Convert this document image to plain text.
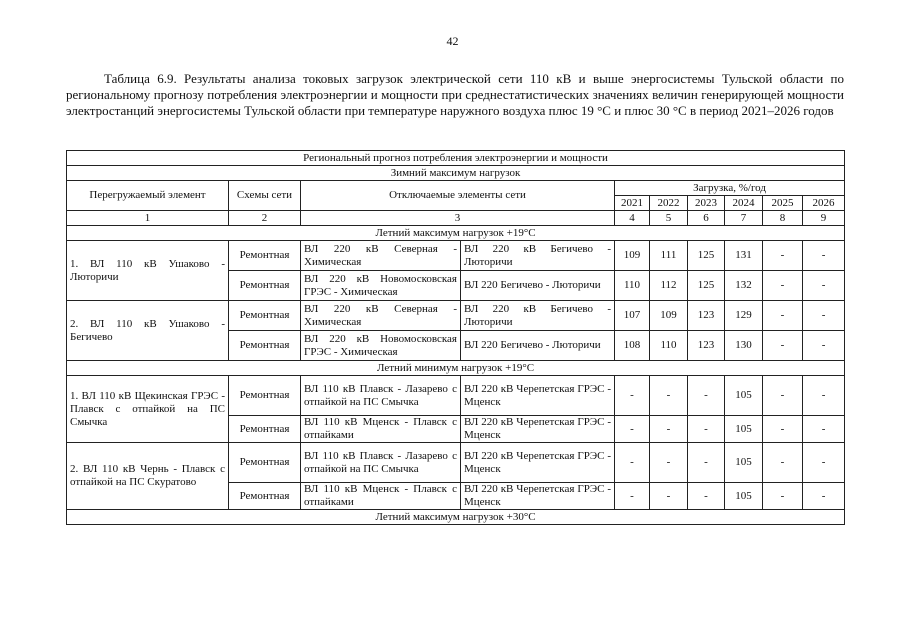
42

Таблица 6.9. Результаты анализа токовых загрузок электрической сети 110 кВ и выше энергосистемы Тульской области по региональному прогнозу потребления электроэнергии и мощности при среднестатистических значениях величин генерирующей мощности электростанций энергосистемы Тульской области при температуре наружного воздуха плюс 19 °С и плюс 30 °С в период 2021–2026 годов

Региональный прогноз потребления электроэнергии и мощности									
Зимний максимум нагрузок									
Перегружаемый элемент	Схемы сети	Отключаемые элементы сети		Загрузка, %/год					
				2021	2022	2023	2024	2025	2026
1	2	3		4	5	6	7	8	9
Летний максимум нагрузок +19°С									
1. ВЛ 110 кВ Ушаково - Люторичи	Ремонтная	ВЛ 220 кВ Северная - Химическая	ВЛ 220 кВ Бегичево - Люторичи	109	111	125	131	-	-
	Ремонтная	ВЛ 220 кВ Новомосковская ГРЭС - Химическая	ВЛ 220 Бегичево - Люторичи	110	112	125	132	-	-
2. ВЛ 110 кВ Ушаково - Бегичево	Ремонтная	ВЛ 220 кВ Северная - Химическая	ВЛ 220 кВ Бегичево - Люторичи	107	109	123	129	-	-
	Ремонтная	ВЛ 220 кВ Новомосковская ГРЭС - Химическая	ВЛ 220 Бегичево - Люторичи	108	110	123	130	-	-
Летний минимум нагрузок +19°С									
1. ВЛ 110 кВ Щекинская ГРЭС - Плавск с отпайкой на ПС Смычка	Ремонтная	ВЛ 110 кВ Плавск - Лазарево с отпайкой на ПС Смычка	ВЛ 220 кВ Черепетская ГРЭС - Мценск	-	-	-	105	-	-
	Ремонтная	ВЛ 110 кВ Мценск - Плавск с отпайками	ВЛ 220 кВ Черепетская ГРЭС - Мценск	-	-	-	105	-	-
2. ВЛ 110 кВ Чернь - Плавск с отпайкой на ПС Скуратово	Ремонтная	ВЛ 110 кВ Плавск - Лазарево с отпайкой на ПС Смычка	ВЛ 220 кВ Черепетская ГРЭС - Мценск	-	-	-	105	-	-
	Ремонтная	ВЛ 110 кВ Мценск - Плавск с отпайками	ВЛ 220 кВ Черепетская ГРЭС - Мценск	-	-	-	105	-	-
Летний максимум нагрузок +30°С									
